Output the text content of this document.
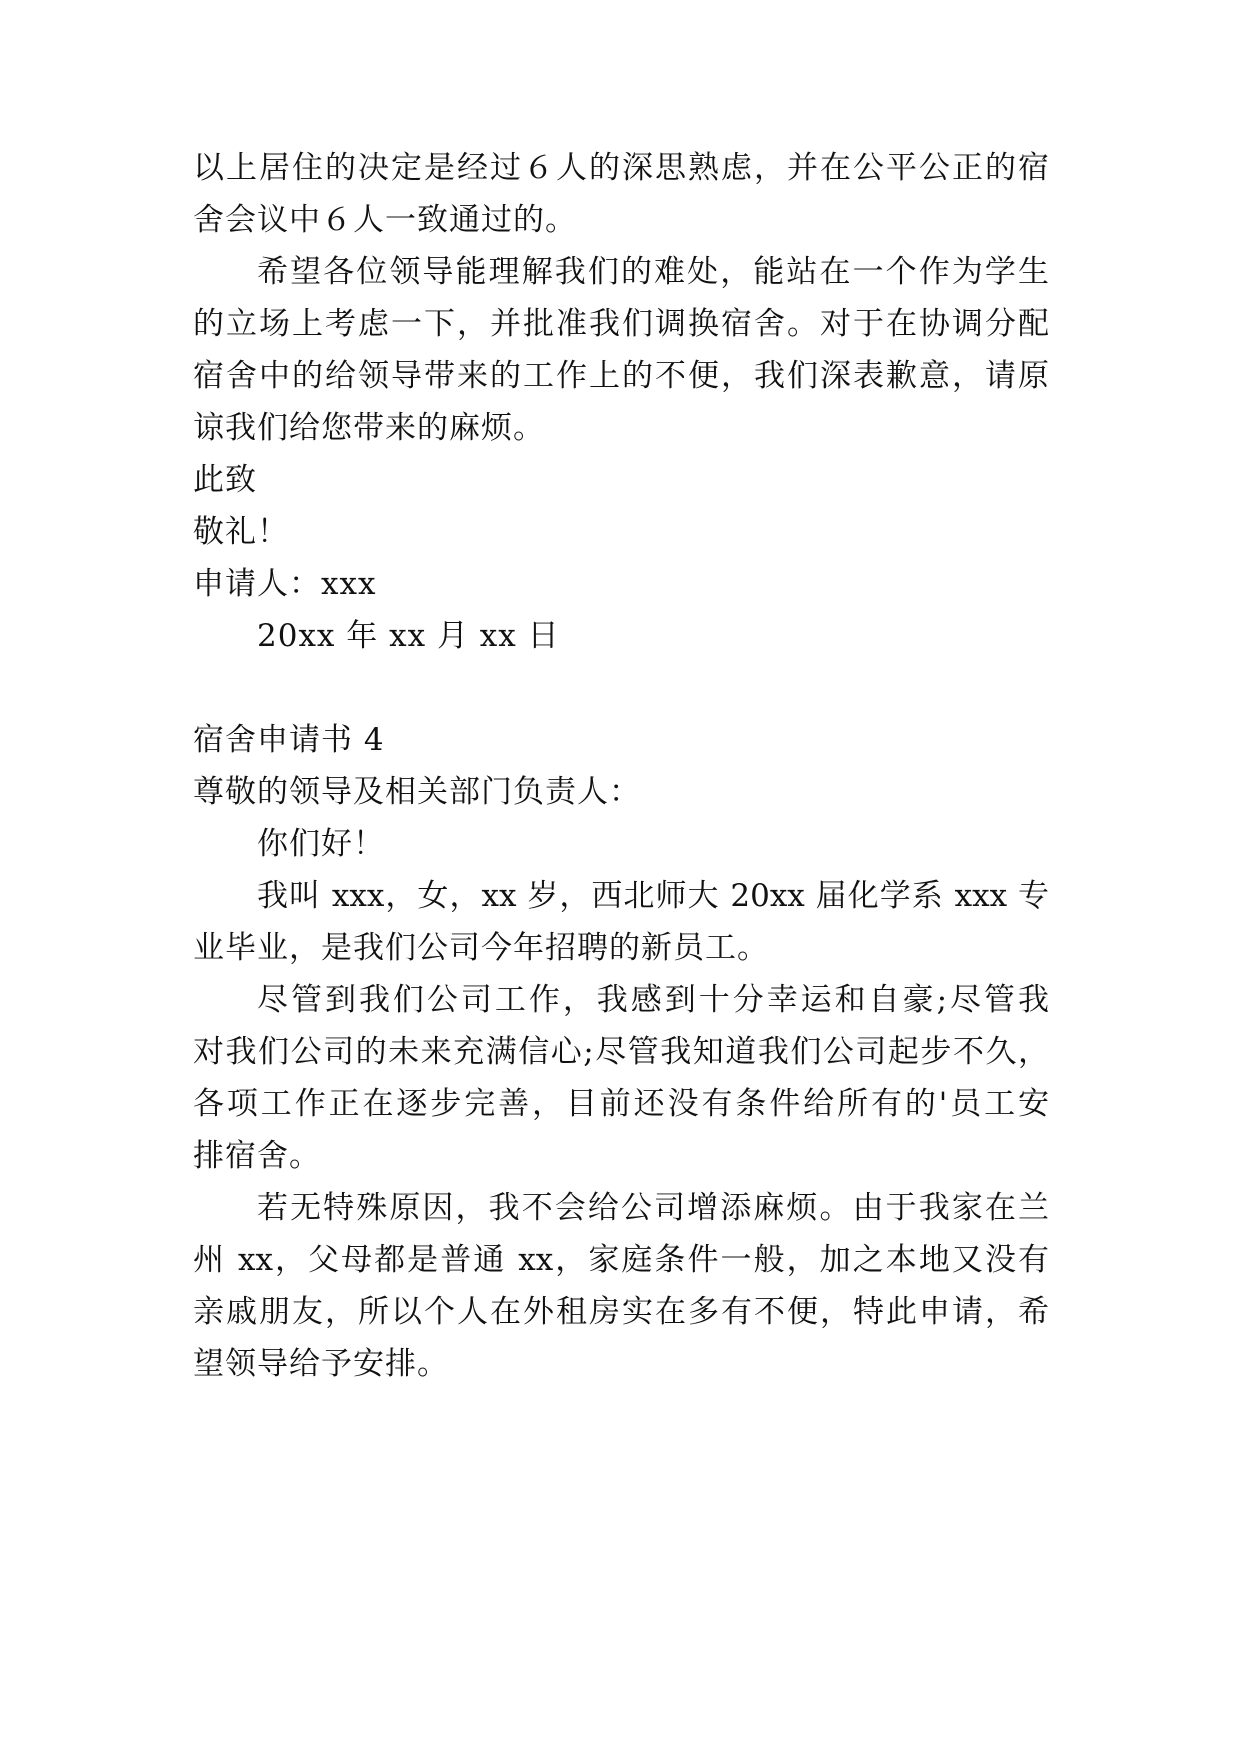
以上居住的决定是经过６人的深思熟虑，并在公平公正的宿
舍会议中６人一致通过的。
希望各位领导能理解我们的难处，能站在一个作为学生
的立场上考虑一下，并批准我们调换宿舍。对于在协调分配
宿舍中的给领导带来的工作上的不便，我们深表歉意，请原
谅我们给您带来的麻烦。
此致
敬礼！
申请人：xxx
20xx 年 xx 月 xx 日
宿舍申请书 4
尊敬的领导及相关部门负责人：
你们好！
我叫 xxx，女，xx 岁，西北师大 20xx 届化学系 xxx 专
业毕业，是我们公司今年招聘的新员工。
尽管到我们公司工作，我感到十分幸运和自豪;尽管我
对我们公司的未来充满信心;尽管我知道我们公司起步不久，
各项工作正在逐步完善，目前还没有条件给所有的'员工安
排宿舍。
若无特殊原因，我不会给公司增添麻烦。由于我家在兰
州 xx，父母都是普通 xx，家庭条件一般，加之本地又没有
亲戚朋友，所以个人在外租房实在多有不便，特此申请，希
望领导给予安排。
